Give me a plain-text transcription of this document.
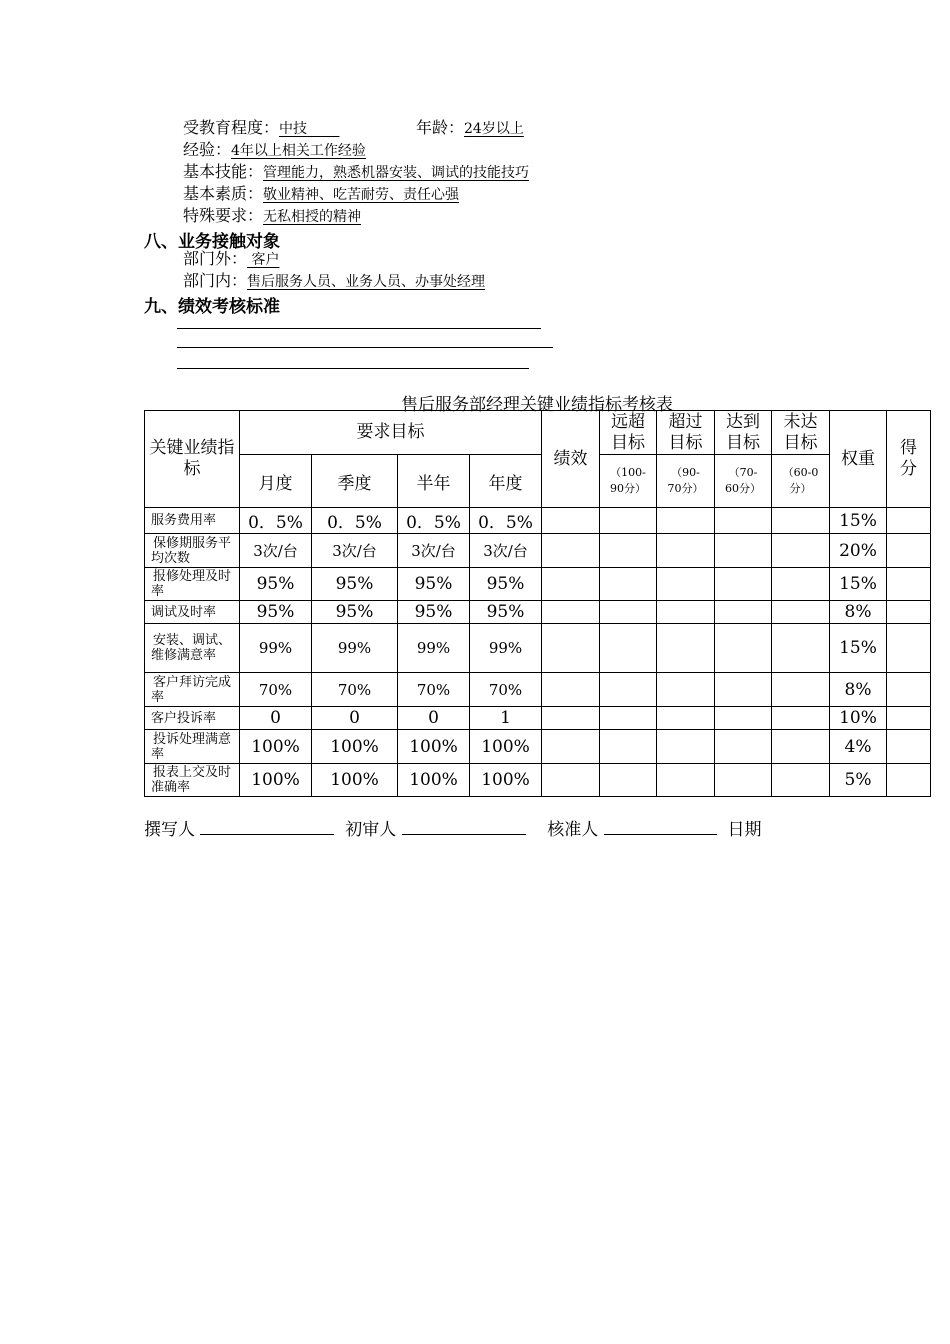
受教育程度：中技  	年龄：24岁以上
经验：4年以上相关工作经验
基本技能：管理能力，熟悉机器安装、调试的技能技巧
基本素质：敬业精神、吃苦耐劳、责任心强
特殊要求：无私相授的精神
八、业务接触对象
部门外： 客户
部门内：售后服务人员、业务人员、办事处经理
九、绩效考核标准
售后服务部经理关键业绩指标考核表
关键业绩指标	要求目标				绩效	远超目标	超过目标	达到目标	未达目标	权重	得分
	月度	季度	半年	年度		（100-90分）	（90-70分）	（70-60分）	（60-0分）		
服务费用率	0．5%	0．5%	0．5%	0．5%						15%	
保修期服务平均次数	3次/台	3次/台	3次/台	3次/台						20%	
报修处理及时率	95%	95%	95%	95%						15%	
调试及时率	95%	95%	95%	95%						8%	
安装、调试、维修满意率	99%	99%	99%	99%						15%	
客户拜访完成率	70%	70%	70%	70%						8%	
客户投诉率	0	0	0	1						10%	
投诉处理满意率	100%	100%	100%	100%						4%	
报表上交及时准确率	100%	100%	100%	100%						5%	
撰写人	初审人	核准人	日期
